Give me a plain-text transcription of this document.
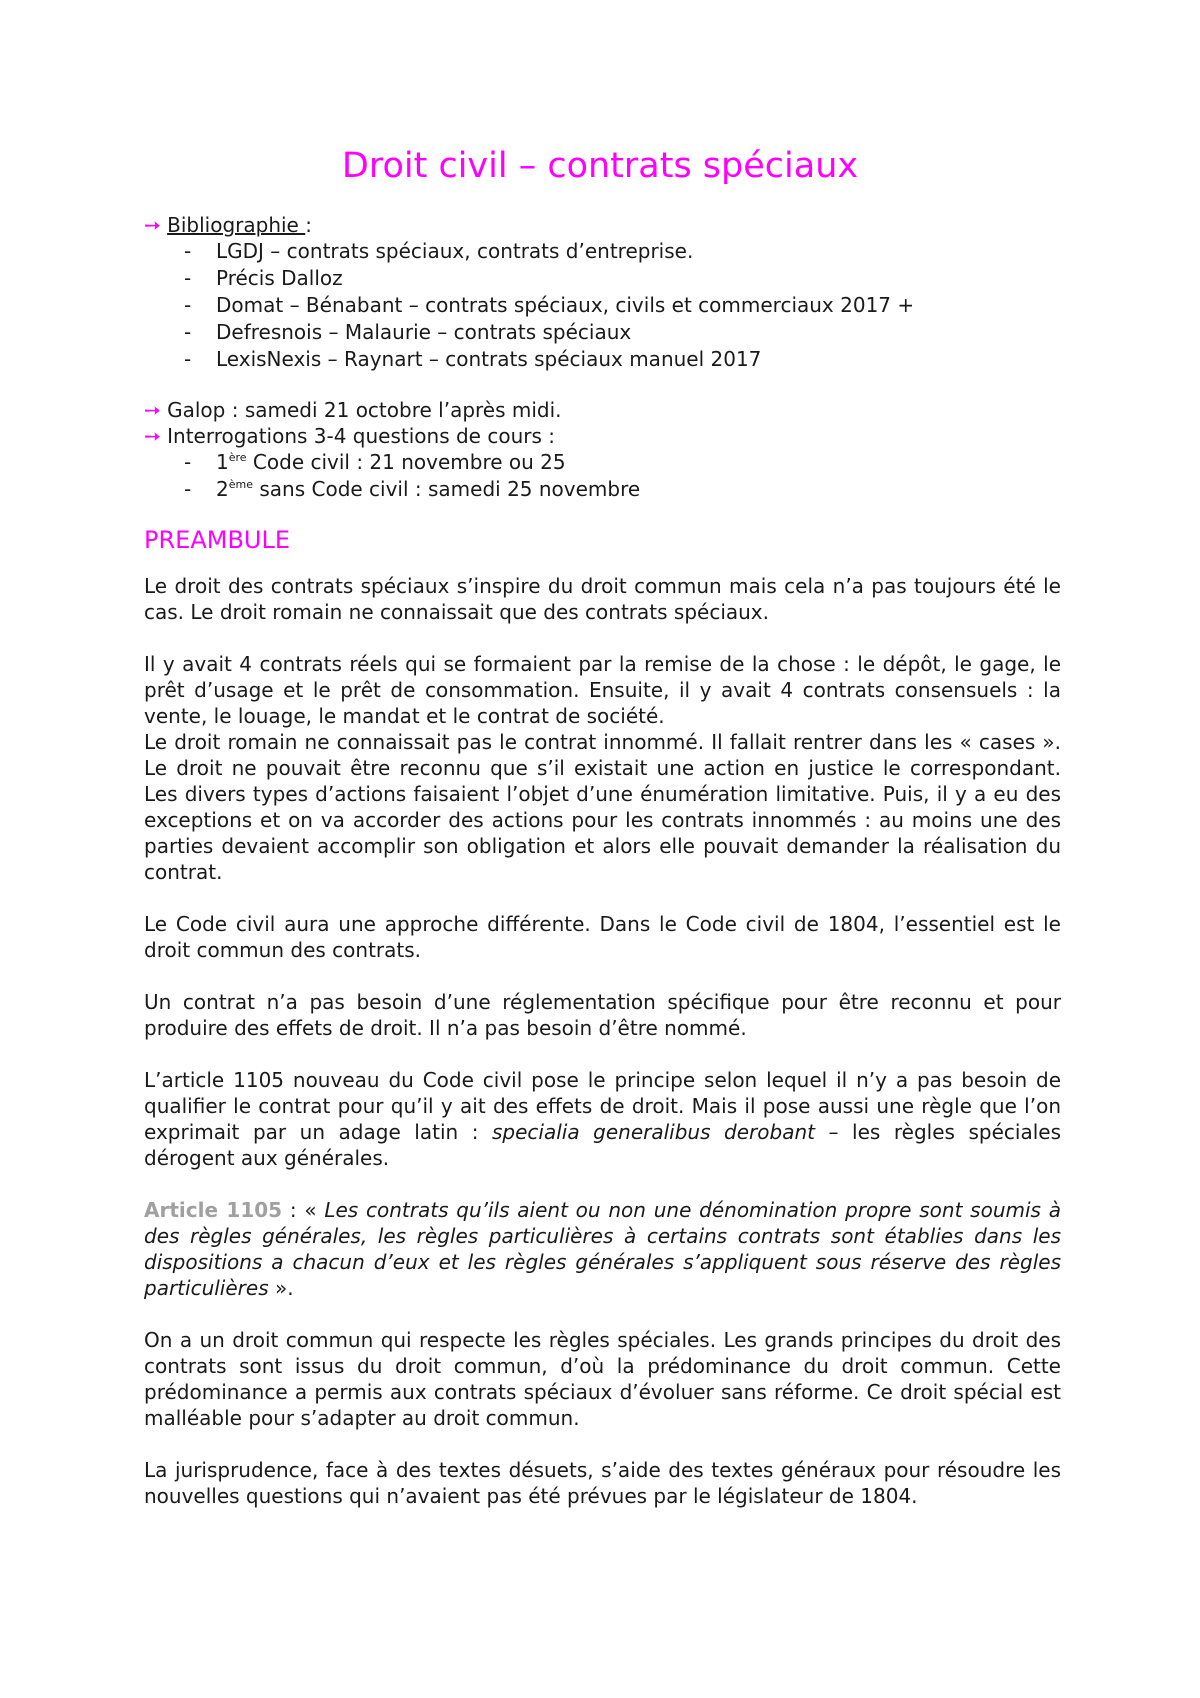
Droit civil – contrats spéciaux

➙ Bibliographie :

- LGDJ – contrats spéciaux, contrats d’entreprise.
- Précis Dalloz
- Domat – Bénabant – contrats spéciaux, civils et commerciaux 2017 +
- Defresnois – Malaurie – contrats spéciaux
- LexisNexis – Raynart – contrats spéciaux manuel 2017

➙ Galop : samedi 21 octobre l’après midi.

➙ Interrogations 3-4 questions de cours :

- 1ère Code civil : 21 novembre ou 25
- 2ème sans Code civil : samedi 25 novembre
PREAMBULE

Le droit des contrats spéciaux s’inspire du droit commun mais cela n’a pas toujours été le cas. Le droit romain ne connaissait que des contrats spéciaux.

Il y avait 4 contrats réels qui se formaient par la remise de la chose : le dépôt, le gage, le prêt d’usage et le prêt de consommation. Ensuite, il y avait 4 contrats consensuels : la vente, le louage, le mandat et le contrat de société.

Le droit romain ne connaissait pas le contrat innommé. Il fallait rentrer dans les « cases ». Le droit ne pouvait être reconnu que s’il existait une action en justice le correspondant. Les divers types d’actions faisaient l’objet d’une énumération limitative. Puis, il y a eu des exceptions et on va accorder des actions pour les contrats innommés : au moins une des parties devaient accomplir son obligation et alors elle pouvait demander la réalisation du contrat.

Le Code civil aura une approche différente. Dans le Code civil de 1804, l’essentiel est le droit commun des contrats.

Un contrat n’a pas besoin d’une réglementation spécifique pour être reconnu et pour produire des effets de droit. Il n’a pas besoin d’être nommé.

L’article 1105 nouveau du Code civil pose le principe selon lequel il n’y a pas besoin de qualifier le contrat pour qu’il y ait des effets de droit. Mais il pose aussi une règle que l’on exprimait par un adage latin : specialia generalibus derobant – les règles spéciales dérogent aux générales.

Article 1105 : « Les contrats qu’ils aient ou non une dénomination propre sont soumis à des règles générales, les règles particulières à certains contrats sont établies dans les dispositions a chacun d’eux et les règles générales s’appliquent sous réserve des règles particulières ».

On a un droit commun qui respecte les règles spéciales. Les grands principes du droit des contrats sont issus du droit commun, d’où la prédominance du droit commun. Cette prédominance a permis aux contrats spéciaux d’évoluer sans réforme. Ce droit spécial est malléable pour s’adapter au droit commun.

La jurisprudence, face à des textes désuets, s’aide des textes généraux pour résoudre les nouvelles questions qui n’avaient pas été prévues par le législateur de 1804.
